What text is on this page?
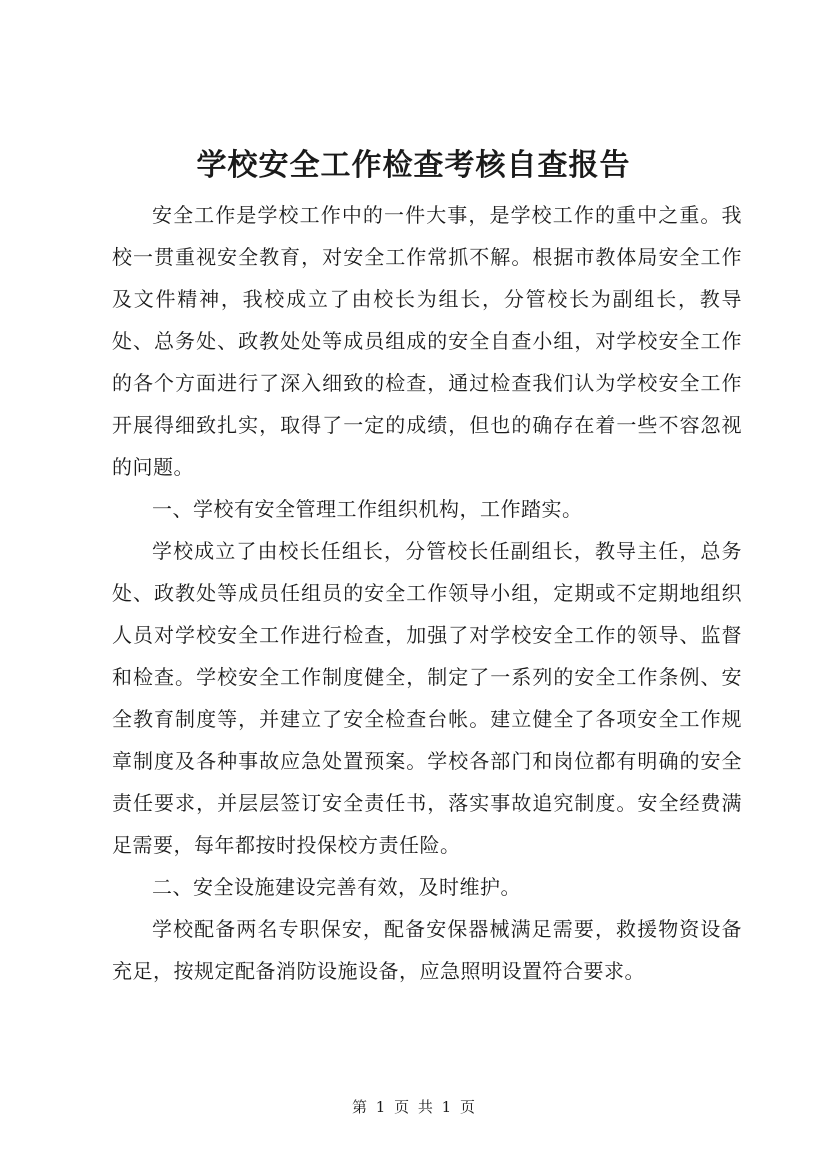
学校安全工作检查考核自查报告

安全工作是学校工作中的一件大事，是学校工作的重中之重。我校一贯重视安全教育，对安全工作常抓不解。根据市教体局安全工作及文件精神，我校成立了由校长为组长，分管校长为副组长，教导处、总务处、政教处处等成员组成的安全自查小组，对学校安全工作的各个方面进行了深入细致的检查，通过检查我们认为学校安全工作开展得细致扎实，取得了一定的成绩，但也的确存在着一些不容忽视的问题。

一、学校有安全管理工作组织机构，工作踏实。

学校成立了由校长任组长，分管校长任副组长，教导主任，总务处、政教处等成员任组员的安全工作领导小组，定期或不定期地组织人员对学校安全工作进行检查，加强了对学校安全工作的领导、监督和检查。学校安全工作制度健全，制定了一系列的安全工作条例、安全教育制度等，并建立了安全检查台帐。建立健全了各项安全工作规章制度及各种事故应急处置预案。学校各部门和岗位都有明确的安全责任要求，并层层签订安全责任书，落实事故追究制度。安全经费满足需要，每年都按时投保校方责任险。

二、安全设施建设完善有效，及时维护。

学校配备两名专职保安，配备安保器械满足需要，救援物资设备充足，按规定配备消防设施设备，应急照明设置符合要求。

第 1 页 共 1 页
